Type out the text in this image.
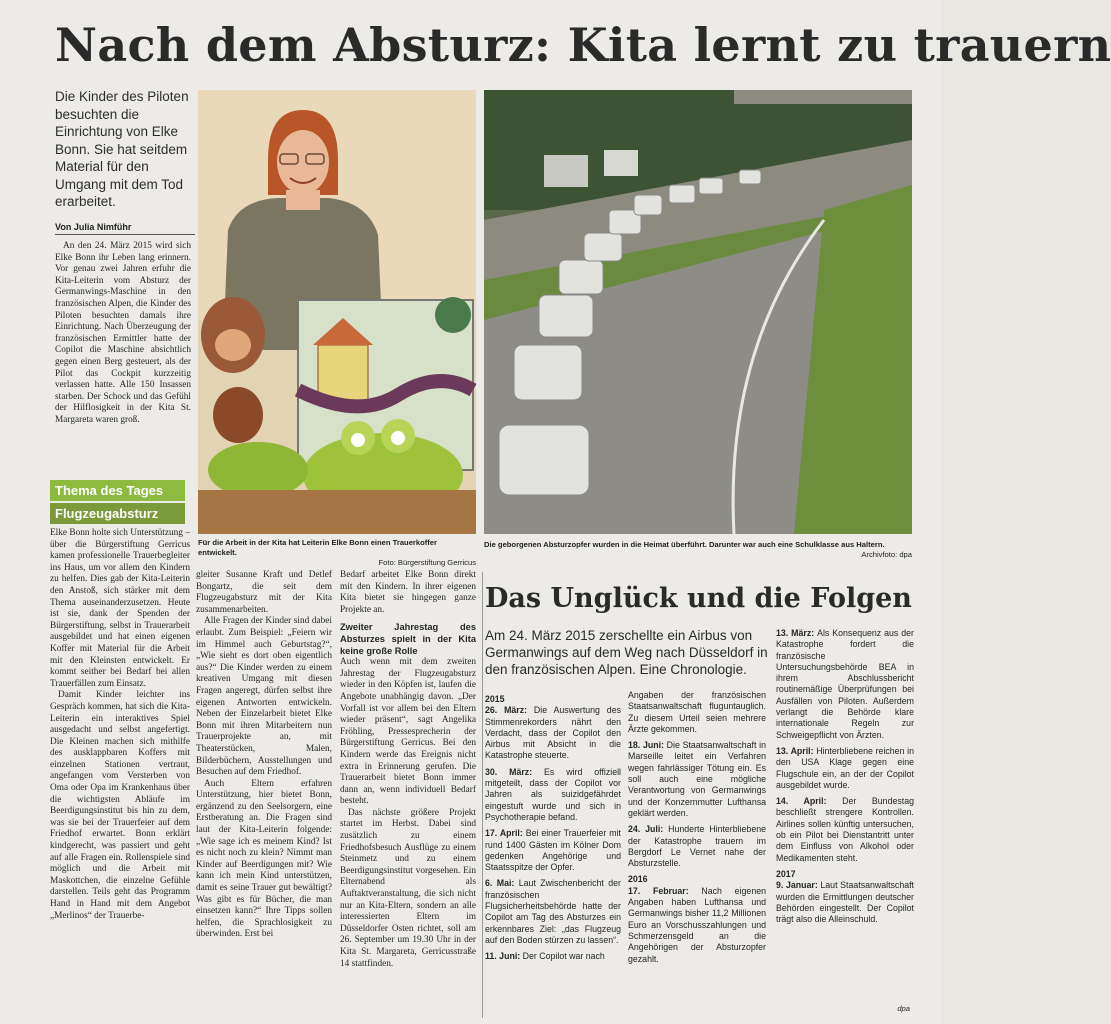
Nach dem Absturz: Kita lernt zu trauern
Die Kinder des Piloten besuchten die Einrichtung von Elke Bonn. Sie hat seitdem Material für den Umgang mit dem Tod erarbeitet.
Von Julia Nimführ

An den 24. März 2015 wird sich Elke Bonn ihr Leben lang erinnern. Vor genau zwei Jahren erfuhr die Kita-Leiterin vom Absturz der Germanwings-Maschine in den französischen Alpen, die Kinder des Piloten besuchten damals ihre Einrichtung. Nach Überzeugung der französischen Ermittler hatte der Copilot die Maschine absichtlich gegen einen Berg gesteuert, als der Pilot das Cockpit kurzzeitig verlassen hatte. Alle 150 Insassen starben. Der Schock und das Gefühl der Hilflosigkeit in der Kita St. Margareta waren groß.

Thema des Tages
Flugzeugabsturz

Elke Bonn holte sich Unterstützung – über die Bürgerstiftung Gerricus kamen professionelle Trauerbegleiter ins Haus, um vor allem den Kindern zu helfen. Dies gab der Kita-Leiterin den Anstoß, sich stärker mit dem Thema auseinanderzusetzen. Heute ist sie, dank der Spenden der Bürgerstiftung, selbst in Trauerarbeit ausgebildet und hat einen eigenen Koffer mit Material für die Arbeit mit den Kleinsten entwickelt. Er kommt seither bei Bedarf bei allen Trauerfällen zum Einsatz.

Damit Kinder leichter ins Gespräch kommen, hat sich die Kita-Leiterin ein interaktives Spiel ausgedacht und selbst angefertigt. Die Kleinen machen sich mithilfe des ausklappbaren Koffers mit einzelnen Stationen vertraut, angefangen vom Versterben von Oma oder Opa im Krankenhaus über die wichtigsten Abläufe im Beerdigungsinstitut bis hin zu dem, was sie bei der Trauerfeier auf dem Friedhof erwartet. Bonn erklärt kindgerecht, was passiert und geht auf alle Fragen ein. Rollenspiele sind möglich und die Arbeit mit Maskottchen, die einzelne Gefühle darstellen. Teils geht das Programm Hand in Hand mit dem Angebot „Merlinos“ der Trauerbe-

Für die Arbeit in der Kita hat Leiterin Elke Bonn einen Trauerkoffer entwickelt.
Foto: Bürgerstiftung Gerricus
Die geborgenen Absturzopfer wurden in die Heimat überführt. Darunter war auch eine Schulklasse aus Haltern.
Archivfoto: dpa

gleiter Susanne Kraft und Detlef Bongartz, die seit dem Flugzeugabsturz mit der Kita zusammenarbeiten.

Alle Fragen der Kinder sind dabei erlaubt. Zum Beispiel: „Feiern wir im Himmel auch Geburtstag?“, „Wie sieht es dort oben eigentlich aus?“ Die Kinder werden zu einem kreativen Umgang mit diesen Fragen angeregt, dürfen selbst ihre eigenen Antworten entwickeln. Neben der Einzelarbeit bietet Elke Bonn mit ihren Mitarbeitern nun Trauerprojekte an, mit Theaterstücken, Malen, Bilderbüchern, Ausstellungen und Besuchen auf dem Friedhof.

Auch Eltern erfahren Unterstützung, hier bietet Bonn, ergänzend zu den Seelsorgern, eine Erstberatung an. Die Fragen sind laut der Kita-Leiterin folgende: „Wie sage ich es meinem Kind? Ist es nicht noch zu klein? Nimmt man Kinder auf Beerdigungen mit? Wie kann ich mein Kind unterstützen, damit es seine Trauer gut bewältigt? Was gibt es für Bücher, die man einsetzen kann?“ Ihre Tipps sollen helfen, die Sprachlosigkeit zu überwinden. Erst bei

Bedarf arbeitet Elke Bonn direkt mit den Kindern. In ihrer eigenen Kita bietet sie hingegen ganze Projekte an.

Zweiter Jahrestag des Absturzes spielt in der Kita keine große Rolle

Auch wenn mit dem zweiten Jahrestag der Flugzeugabsturz wieder in den Köpfen ist, laufen die Angebote unabhängig davon. „Der Vorfall ist vor allem bei den Eltern wieder präsent“, sagt Angelika Fröhling, Pressesprecherin der Bürgerstiftung Gerricus. Bei den Kindern werde das Ereignis nicht extra in Erinnerung gerufen. Die Trauerarbeit bietet Bonn immer dann an, wenn individuell Bedarf besteht.

Das nächste größere Projekt startet im Herbst. Dabei sind zusätzlich zu einem Friedhofsbesuch Ausflüge zu einem Steinmetz und zu einem Beerdigungsinstitut vorgesehen. Ein Elternabend als Auftaktveranstaltung, die sich nicht nur an Kita-Eltern, sondern an alle interessierten Eltern im Düsseldorfer Osten richtet, soll am 26. September um 19.30 Uhr in der Kita St. Margareta, Gerricusstraße 14 stattfinden.

Das Unglück und die Folgen
Am 24. März 2015 zerschellte ein Airbus von Germanwings auf dem Weg nach Düsseldorf in den französischen Alpen. Eine Chronologie.
2015
26. März: Die Auswertung des Stimmenrekorders nährt den Verdacht, dass der Copilot den Airbus mit Absicht in die Katastrophe steuerte.
30. März: Es wird offiziell mitgeteilt, dass der Copilot vor Jahren als suizidgefährdet eingestuft wurde und sich in Psychotherapie befand.
17. April: Bei einer Trauerfeier mit rund 1400 Gästen im Kölner Dom gedenken Angehörige und Staatsspitze der Opfer.
6. Mai: Laut Zwischenbericht der französischen Flugsicherheitsbehörde hatte der Copilot am Tag des Absturzes ein erkennbares Ziel: „das Flugzeug auf den Boden stürzen zu lassen“.
11. Juni: Der Copilot war nach
Angaben der französischen Staatsanwaltschaft fluguntauglich. Zu diesem Urteil seien mehrere Ärzte gekommen.
18. Juni: Die Staatsanwaltschaft in Marseille leitet ein Verfahren wegen fahrlässiger Tötung ein. Es soll auch eine mögliche Verantwortung von Germanwings und der Konzernmutter Lufthansa geklärt werden.
24. Juli: Hunderte Hinterbliebene der Katastrophe trauern im Bergdorf Le Vernet nahe der Absturzstelle.
2016
17. Februar: Nach eigenen Angaben haben Lufthansa und Germanwings bisher 11,2 Millionen Euro an Vorschusszahlungen und Schmerzensgeld an die Angehörigen der Absturzopfer gezahlt.
13. März: Als Konsequenz aus der Katastrophe fordert die französische Untersuchungsbehörde BEA in ihrem Abschlussbericht routinemäßige Überprüfungen bei Ausfällen von Piloten. Außerdem verlangt die Behörde klare internationale Regeln zur Schweigepflicht von Ärzten.
13. April: Hinterbliebene reichen in den USA Klage gegen eine Flugschule ein, an der der Copilot ausgebildet wurde.
14. April: Der Bundestag beschließt strengere Kontrollen. Airlines sollen künftig untersuchen, ob ein Pilot bei Dienstantritt unter dem Einfluss von Alkohol oder Medikamenten steht.
2017
9. Januar: Laut Staatsanwaltschaft wurden die Ermittlungen deutscher Behörden eingestellt. Der Copilot trägt also die Alleinschuld.
dpa
